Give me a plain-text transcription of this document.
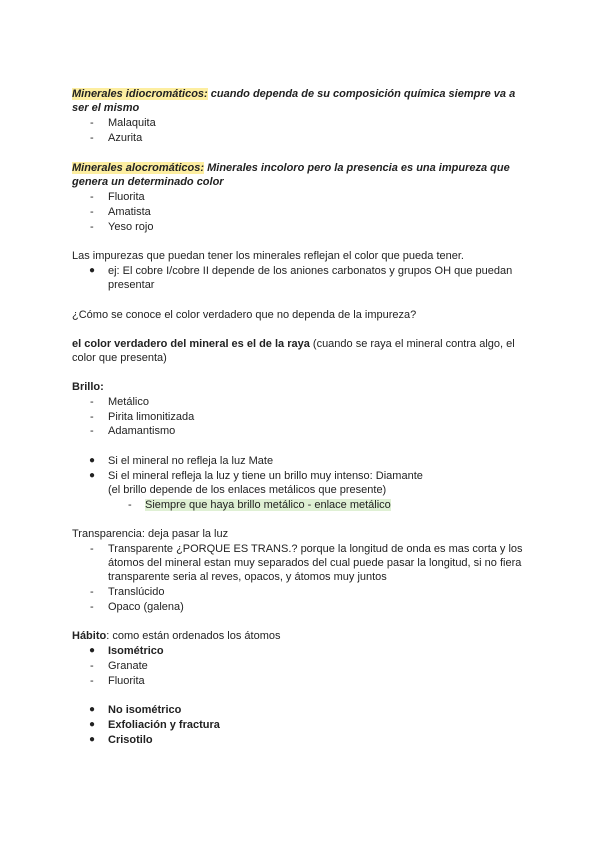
Minerales idiocromáticos: cuando dependa de su composición química siempre va a
ser el mismo
- Malaquita
- Azurita
Minerales alocromáticos: Minerales incoloro pero la presencia es una impureza que
genera un determinado color
- Fluorita
- Amatista
- Yeso rojo
Las impurezas que puedan tener los minerales reflejan el color que pueda tener.
● ej: El cobre I/cobre II depende de los aniones carbonatos y grupos OH que puedan
presentar
¿Cómo se conoce el color verdadero que no dependa de la impureza?
el color verdadero del mineral es el de la raya (cuando se raya el mineral contra algo, el
color que presenta)
Brillo:
- Metálico
- Pirita limonitizada
- Adamantismo
● Si el mineral no refleja la luz Mate
● Si el mineral refleja la luz y tiene un brillo muy intenso: Diamante
(el brillo depende de los enlaces metálicos que presente)
- Siempre que haya brillo metálico - enlace metálico
Transparencia: deja pasar la luz
- Transparente ¿PORQUE ES TRANS.? porque la longitud de onda es mas corta y los
átomos del mineral estan muy separados del cual puede pasar la longitud, si no fiera
transparente seria al reves, opacos, y átomos muy juntos
- Translúcido
- Opaco (galena)
Hábito: como están ordenados los átomos
● Isométrico
- Granate
- Fluorita
● No isométrico
● Exfoliación y fractura
● Crisotilo
